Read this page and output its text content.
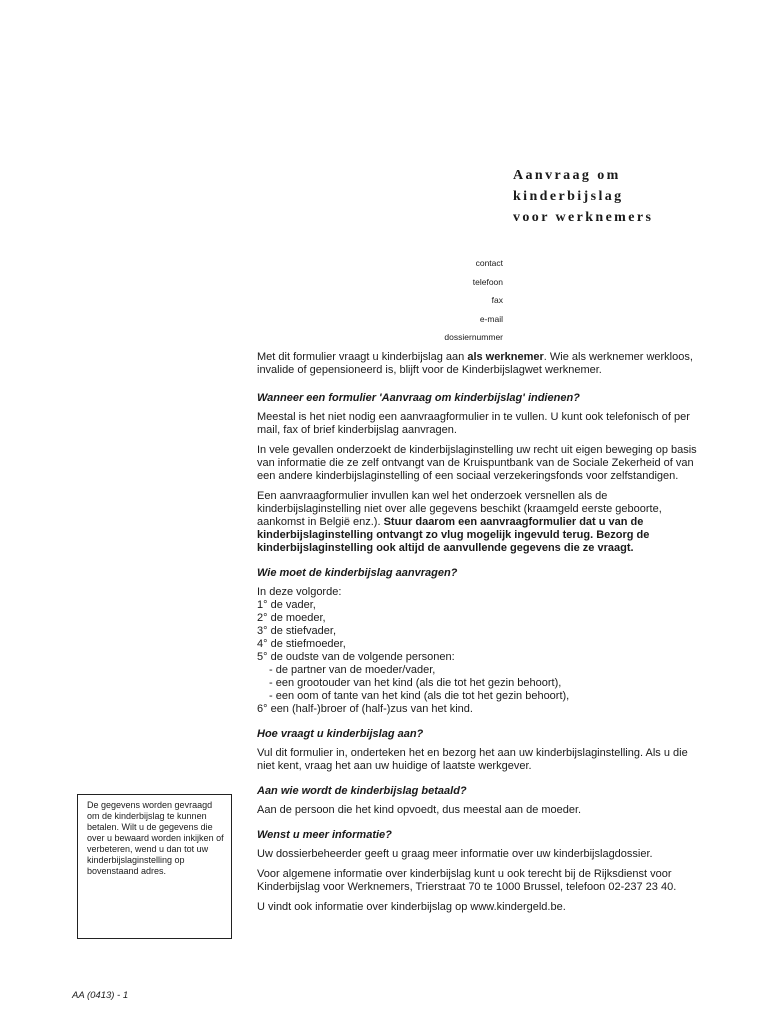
Aanvraag om
kinderbijslag
voor werknemers
contact
telefoon
fax
e-mail
dossiernummer

Met dit formulier vraagt u kinderbijslag aan als werknemer. Wie als werknemer werkloos, invalide of gepensioneerd is, blijft voor de Kinderbijslagwet werknemer.

Wanneer een formulier 'Aanvraag om kinderbijslag' indienen?

Meestal is het niet nodig een aanvraagformulier in te vullen. U kunt ook telefonisch of per mail, fax of brief kinderbijslag aanvragen.

In vele gevallen onderzoekt de kinderbijslaginstelling uw recht uit eigen beweging op basis van informatie die ze zelf ontvangt van de Kruispuntbank van de Sociale Zekerheid of van een andere kinderbijslaginstelling of een sociaal verzekeringsfonds voor zelfstandigen.

Een aanvraagformulier invullen kan wel het onderzoek versnellen als de kinderbijslaginstelling niet over alle gegevens beschikt (kraamgeld eerste geboorte, aankomst in België enz.). Stuur daarom een aanvraagformulier dat u van de kinderbijslaginstelling ontvangt zo vlug mogelijk ingevuld terug. Bezorg de kinderbijslaginstelling ook altijd de aanvullende gegevens die ze vraagt.

Wie moet de kinderbijslag aanvragen?

In deze volgorde:

1° de vader,

2° de moeder,

3° de stiefvader,

4° de stiefmoeder,

5° de oudste van de volgende personen:

- de partner van de moeder/vader,

- een grootouder van het kind (als die tot het gezin behoort),

- een oom of tante van het kind (als die tot het gezin behoort),

6° een (half-)broer of (half-)zus van het kind.

Hoe vraagt u kinderbijslag aan?

Vul dit formulier in, onderteken het en bezorg het aan uw kinderbijslaginstelling. Als u die niet kent, vraag het aan uw huidige of laatste werkgever.

Aan wie wordt de kinderbijslag betaald?

Aan de persoon die het kind opvoedt, dus meestal aan de moeder.

Wenst u meer informatie?

Uw dossierbeheerder geeft u graag meer informatie over uw kinderbijslagdossier.

Voor algemene informatie over kinderbijslag kunt u ook terecht bij de Rijksdienst voor Kinderbijslag voor Werknemers, Trierstraat 70 te 1000 Brussel, telefoon 02-237 23 40.

U vindt ook informatie over kinderbijslag op www.kindergeld.be.

De gegevens worden gevraagd om de kinderbijslag te kunnen betalen. Wilt u de gegevens die over u bewaard worden inkijken of verbeteren, wend u dan tot uw kinderbijslaginstelling op bovenstaand adres.
AA (0413) - 1
